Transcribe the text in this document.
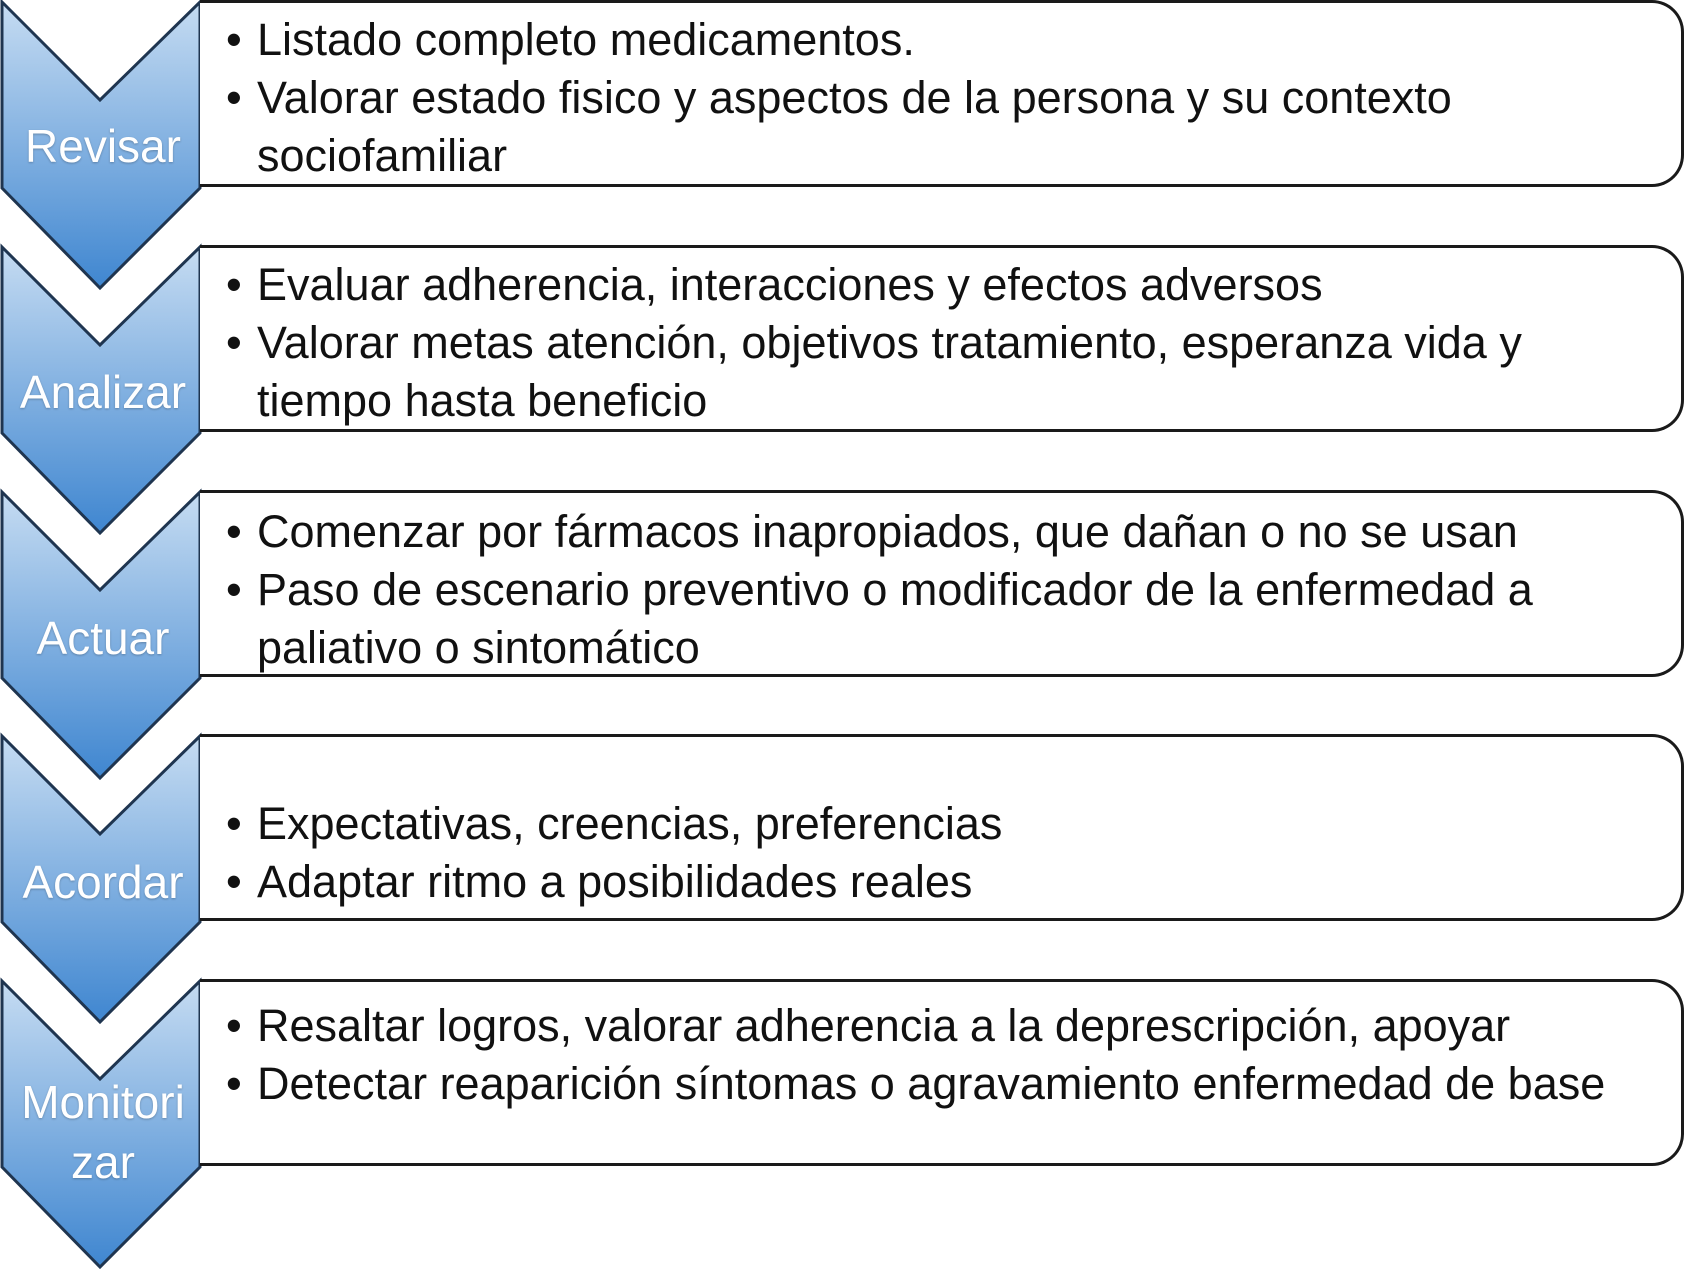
Revisar
• Listado completo medicamentos.
• Valorar estado fisico y aspectos de la persona y su contexto sociofamiliar
Analizar
• Evaluar adherencia, interacciones y efectos adversos
• Valorar metas atención, objetivos tratamiento, esperanza vida y tiempo hasta beneficio
Actuar
• Comenzar por fármacos inapropiados, que dañan o no se usan
• Paso de escenario preventivo o modificador de la enfermedad a paliativo o sintomático
Acordar
• Expectativas, creencias, preferencias
• Adaptar ritmo a posibilidades reales
Monitori
zar
• Resaltar logros, valorar adherencia a la deprescripción, apoyar
• Detectar reaparición síntomas o agravamiento enfermedad de base
